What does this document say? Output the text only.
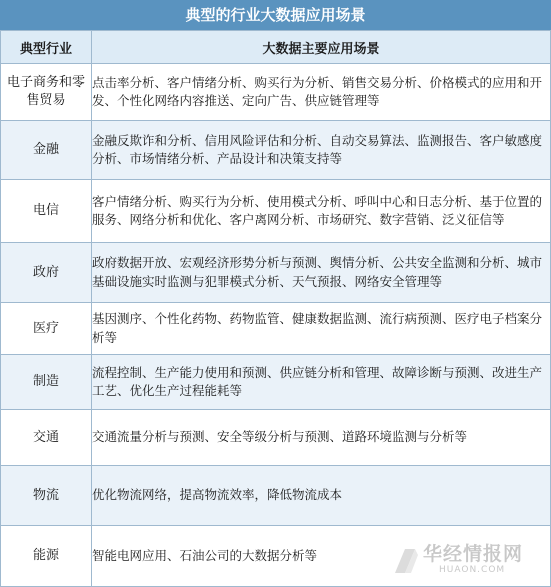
典型的行业大数据应用场景
典型行业	大数据主要应用场景
电子商务和零售贸易	点击率分析、客户情绪分析、购买行为分析、销售交易分析、价格模式的应用和开发、个性化网络内容推送、定向广告、供应链管理等
金融	金融反欺诈和分析、信用风险评估和分析、自动交易算法、监测报告、客户敏感度分析、市场情绪分析、产品设计和决策支持等
电信	客户情绪分析、购买行为分析、使用模式分析、呼叫中心和日志分析、基于位置的服务、网络分析和优化、客户离网分析、市场研究、数字营销、泛义征信等
政府	政府数据开放、宏观经济形势分析与预测、舆情分析、公共安全监测和分析、城市基础设施实时监测与犯罪模式分析、天气预报、网络安全管理等
医疗	基因测序、个性化药物、药物监管、健康数据监测、流行病预测、医疗电子档案分析等
制造	流程控制、生产能力使用和预测、供应链分析和管理、故障诊断与预测、改进生产工艺、优化生产过程能耗等
交通	交通流量分析与预测、安全等级分析与预测、道路环境监测与分析等
物流	优化物流网络，提高物流效率，降低物流成本
能源	智能电网应用、石油公司的大数据分析等	华经情报网
HUAON.COM
